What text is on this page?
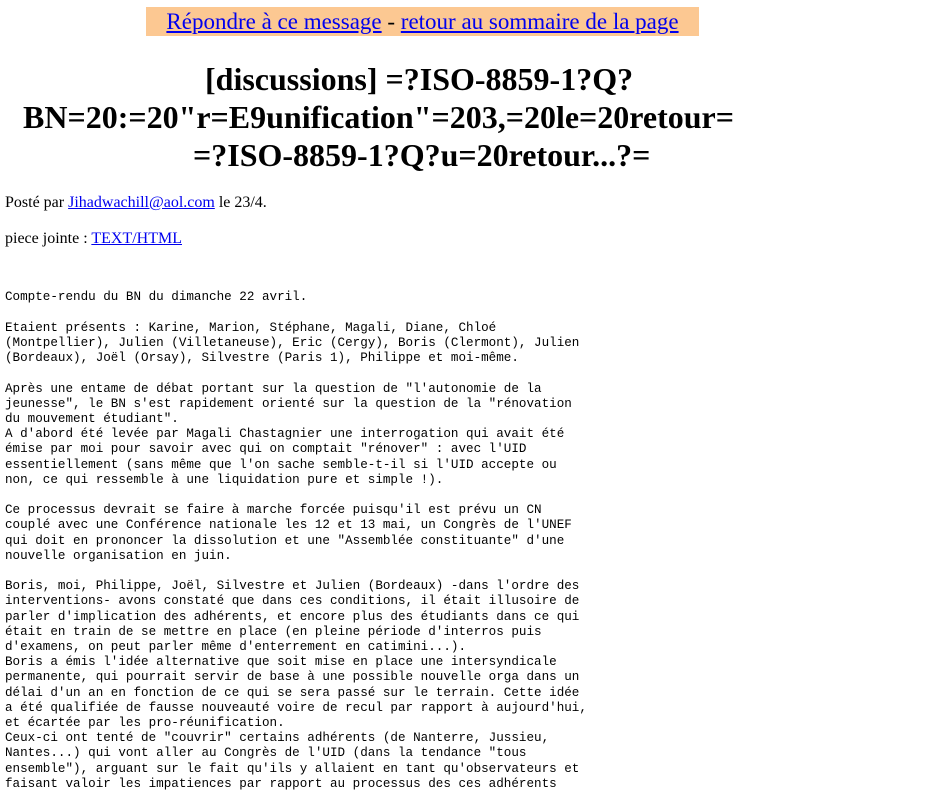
Répondre à ce message - retour au sommaire de la page
[discussions] =?ISO-8859-1?Q?
BN=20:=20"r=E9unification"=203,=20le=20retour=
=?ISO-8859-1?Q?u=20retour...?=
Posté par Jihadwachill@aol.com le 23/4.
piece jointe : TEXT/HTML

Compte-rendu du BN du dimanche 22 avril.
Etaient présents : Karine, Marion, Stéphane, Magali, Diane, Chloé
(Montpellier), Julien (Villetaneuse), Eric (Cergy), Boris (Clermont), Julien
(Bordeaux), Joël (Orsay), Silvestre (Paris 1), Philippe et moi-même.
Après une entame de débat portant sur la question de "l'autonomie de la
jeunesse", le BN s'est rapidement orienté sur la question de la "rénovation
du mouvement étudiant".
A d'abord été levée par Magali Chastagnier une interrogation qui avait été
émise par moi pour savoir avec qui on comptait "rénover" : avec l'UID
essentiellement (sans même que l'on sache semble-t-il si l'UID accepte ou
non, ce qui ressemble à une liquidation pure et simple !).
Ce processus devrait se faire à marche forcée puisqu'il est prévu un CN
couplé avec une Conférence nationale les 12 et 13 mai, un Congrès de l'UNEF
qui doit en prononcer la dissolution et une "Assemblée constituante" d'une
nouvelle organisation en juin.
Boris, moi, Philippe, Joël, Silvestre et Julien (Bordeaux) -dans l'ordre des
interventions- avons constaté que dans ces conditions, il était illusoire de
parler d'implication des adhérents, et encore plus des étudiants dans ce qui
était en train de se mettre en place (en pleine période d'interros puis
d'examens, on peut parler même d'enterrement en catimini...).
Boris a émis l'idée alternative que soit mise en place une intersyndicale
permanente, qui pourrait servir de base à une possible nouvelle orga dans un
délai d'un an en fonction de ce qui se sera passé sur le terrain. Cette idée
a été qualifiée de fausse nouveauté voire de recul par rapport à aujourd'hui,
et écartée par les pro-réunification.
Ceux-ci ont tenté de "couvrir" certains adhérents (de Nanterre, Jussieu,
Nantes...) qui vont aller au Congrès de l'UID (dans la tendance "tous
ensemble"), arguant sur le fait qu'ils y allaient en tant qu'observateurs et
faisant valoir les impatiences par rapport au processus des ces adhérents
